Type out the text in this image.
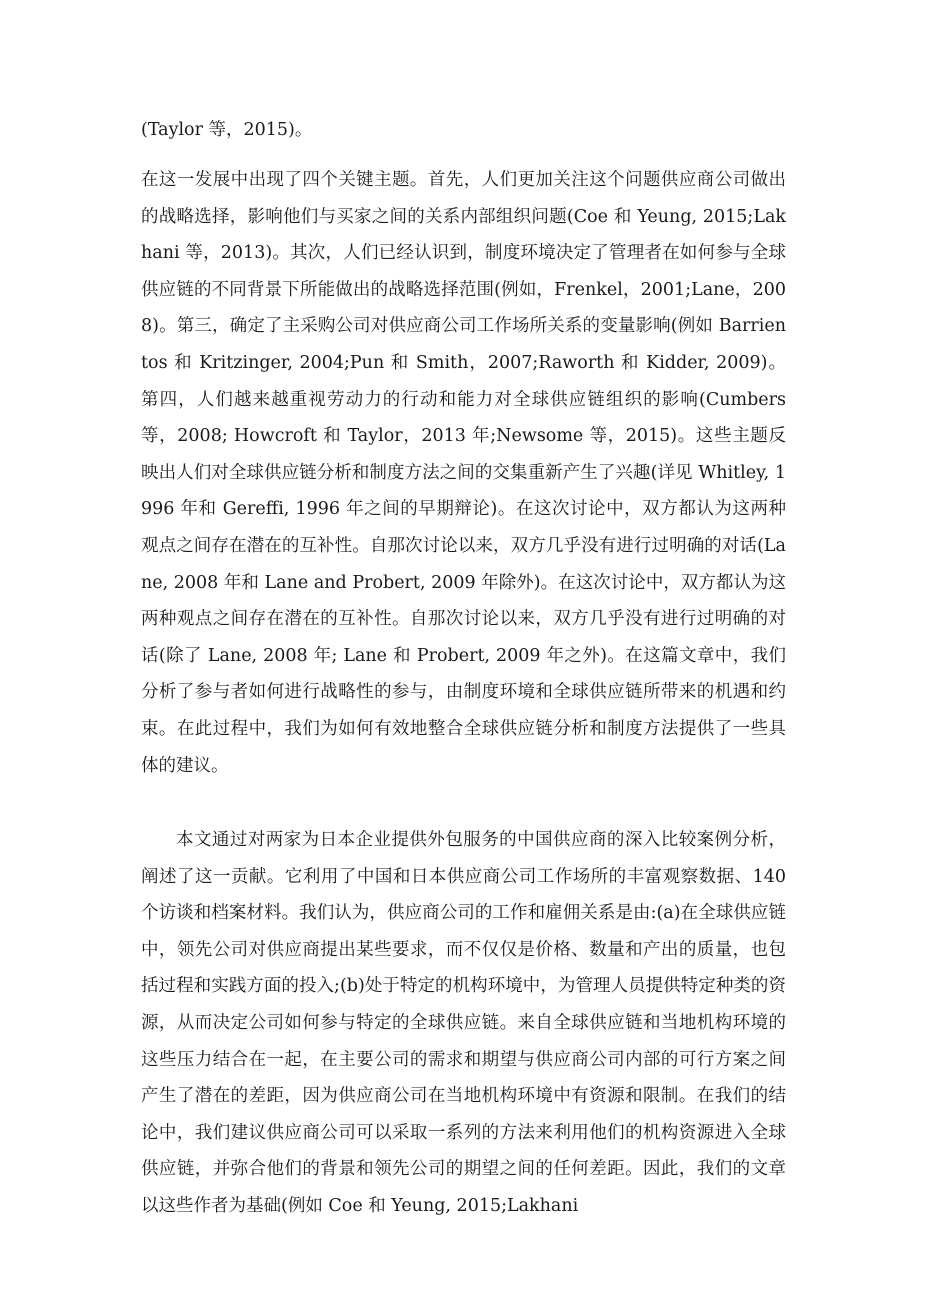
(Taylor 等，2015)。

在这一发展中出现了四个关键主题。首先，人们更加关注这个问题供应商公司做出的战略选择，影响他们与买家之间的关系内部组织问题(Coe 和 Yeung, 2015;Lakhani 等，2013)。其次，人们已经认识到，制度环境决定了管理者在如何参与全球供应链的不同背景下所能做出的战略选择范围(例如，Frenkel，2001;Lane，2008)。第三，确定了主采购公司对供应商公司工作场所关系的变量影响(例如 Barrientos 和 Kritzinger, 2004;Pun 和 Smith，2007;Raworth 和 Kidder, 2009)。第四，人们越来越重视劳动力的行动和能力对全球供应链组织的影响(Cumbers 等，2008; Howcroft 和 Taylor，2013 年;Newsome 等，2015)。这些主题反映出人们对全球供应链分析和制度方法之间的交集重新产生了兴趣(详见 Whitley, 1996 年和 Gereffi, 1996 年之间的早期辩论)。在这次讨论中，双方都认为这两种观点之间存在潜在的互补性。自那次讨论以来，双方几乎没有进行过明确的对话(Lane, 2008 年和 Lane and Probert, 2009 年除外)。在这次讨论中，双方都认为这两种观点之间存在潜在的互补性。自那次讨论以来，双方几乎没有进行过明确的对话(除了 Lane, 2008 年; Lane 和 Probert, 2009 年之外)。在这篇文章中，我们分析了参与者如何进行战略性的参与，由制度环境和全球供应链所带来的机遇和约束。在此过程中，我们为如何有效地整合全球供应链分析和制度方法提供了一些具体的建议。

本文通过对两家为日本企业提供外包服务的中国供应商的深入比较案例分析，阐述了这一贡献。它利用了中国和日本供应商公司工作场所的丰富观察数据、140 个访谈和档案材料。我们认为，供应商公司的工作和雇佣关系是由:(a)在全球供应链中，领先公司对供应商提出某些要求，而不仅仅是价格、数量和产出的质量，也包括过程和实践方面的投入;(b)处于特定的机构环境中，为管理人员提供特定种类的资源，从而决定公司如何参与特定的全球供应链。来自全球供应链和当地机构环境的这些压力结合在一起，在主要公司的需求和期望与供应商公司内部的可行方案之间产生了潜在的差距，因为供应商公司在当地机构环境中有资源和限制。在我们的结论中，我们建议供应商公司可以采取一系列的方法来利用他们的机构资源进入全球供应链，并弥合他们的背景和领先公司的期望之间的任何差距。因此，我们的文章以这些作者为基础(例如 Coe 和 Yeung, 2015;Lakhani
